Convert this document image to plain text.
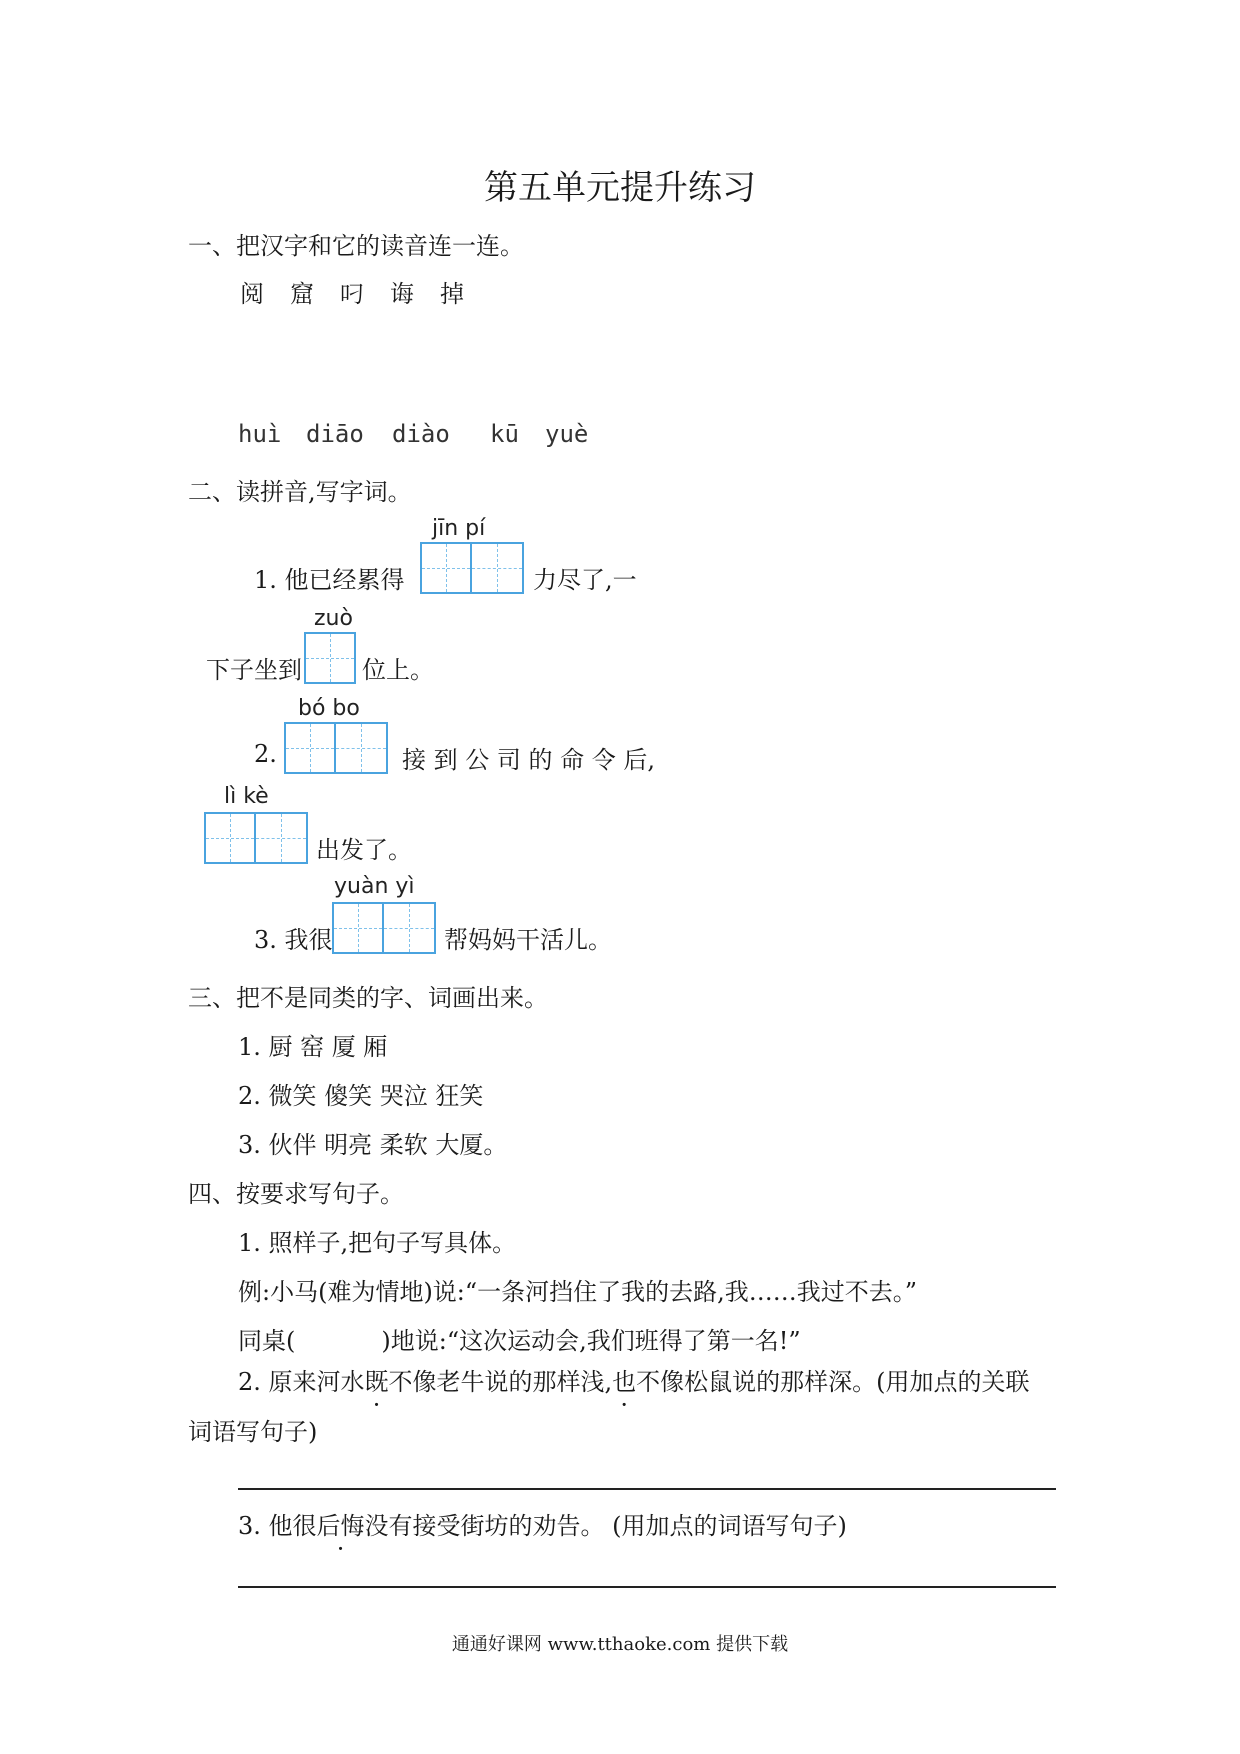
第五单元提升练习
一、把汉字和它的读音连一连。
阅 窟 叼 诲 掉
huì diāo diào kū yuè
二、读拼音,写字词。
jīn pí
1. 他已经累得	力尽了,一
zuò
下子坐到	位上。
bó bo
2.	接 到 公 司 的 命 令 后,
lì kè
出发了。
yuàn yì
3. 我很	帮妈妈干活儿。
三、把不是同类的字、词画出来。
1. 厨 窑 厦 厢
2. 微笑 傻笑 哭泣 狂笑
3. 伙伴 明亮 柔软 大厦。
四、按要求写句子。
1. 照样子,把句子写具体。
例:小马(难为情地)说:“一条河挡住了我的去路,我……我过不去。”
同桌(	)地说:“这次运动会,我们班得了第一名!”
2. 原来河水既不像老牛说的那样浅,也不像松鼠说的那样深。(用加点的关联
词语写句子)
3. 他很后悔没有接受街坊的劝告。 (用加点的词语写句子)
通通好课网 www.tthaoke.com 提供下载
